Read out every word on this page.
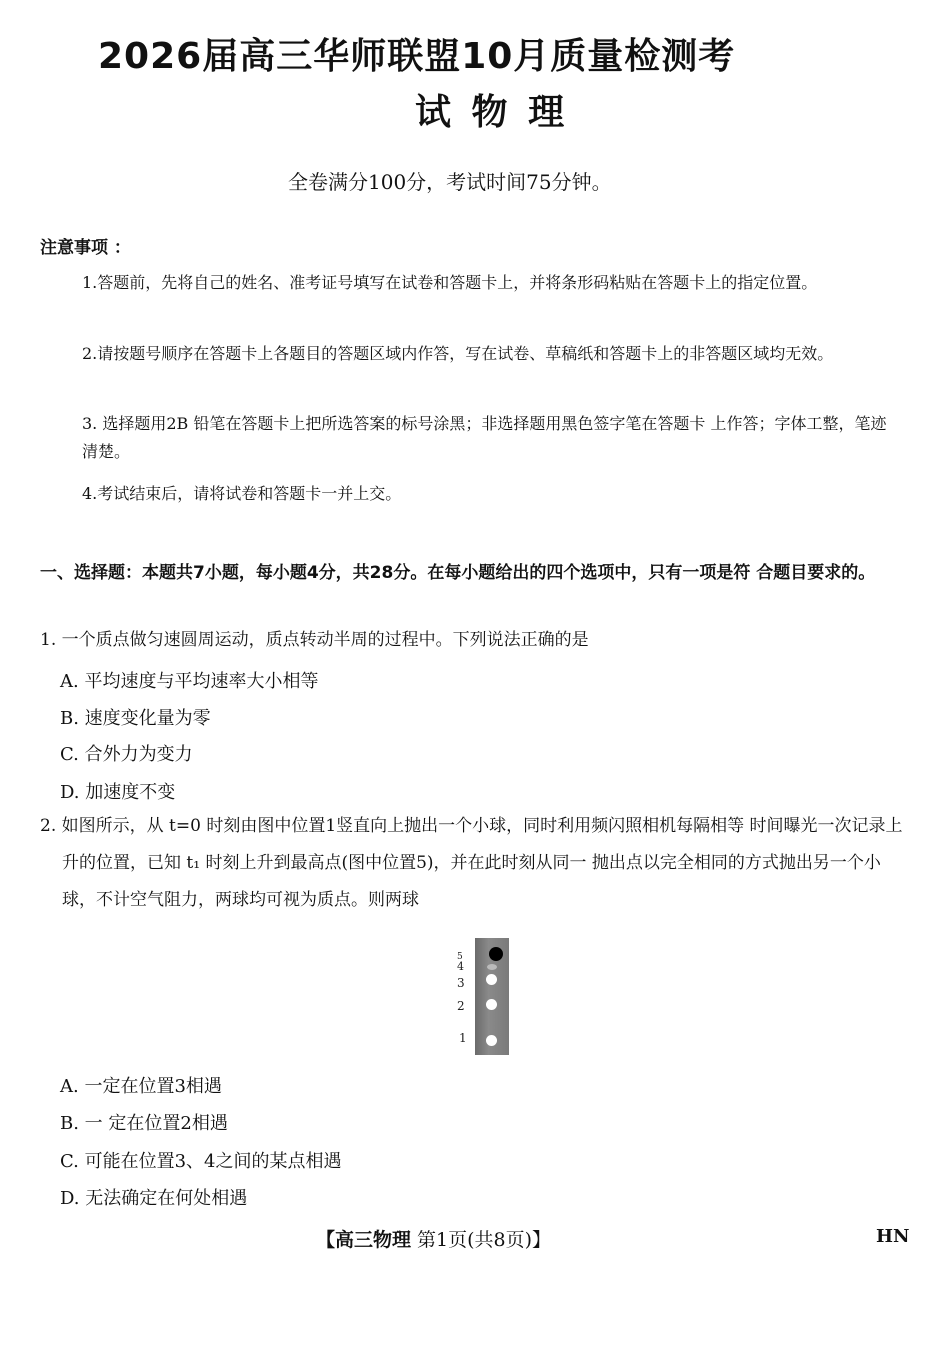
2026届高三华师联盟10月质量检测考
试 物 理
全卷满分100分，考试时间75分钟。
注意事项 ：
1.答题前，先将自己的姓名、准考证号填写在试卷和答题卡上，并将条形码粘贴在答题卡上的指定位置。
2.请按题号顺序在答题卡上各题目的答题区域内作答，写在试卷、草稿纸和答题卡上的非答题区域均无效。
3. 选择题用2B 铅笔在答题卡上把所选答案的标号涂黑；非选择题用黑色签字笔在答题卡 上作答；字体工整，笔迹清楚。
4.考试结束后，请将试卷和答题卡一并上交。
一、选择题：本题共7小题，每小题4分，共28分。在每小题给出的四个选项中，只有一项是符 合题目要求的。
1. 一个质点做匀速圆周运动，质点转动半周的过程中。下列说法正确的是
A. 平均速度与平均速率大小相等
B. 速度变化量为零
C. 合外力为变力
D. 加速度不变
2. 如图所示，从 t=0 时刻由图中位置1竖直向上抛出一个小球，同时利用频闪照相机每隔相等 时间曝光一次记录上升的位置，已知 t₁ 时刻上升到最高点(图中位置5)，并在此时刻从同一 抛出点以完全相同的方式抛出另一个小球，不计空气阻力，两球均可视为质点。则两球
5
4
3
2
1
A. 一定在位置3相遇
B. 一 定在位置2相遇
C. 可能在位置3、4之间的某点相遇
D. 无法确定在何处相遇
【高三物理 第1页(共8页)】	HN
